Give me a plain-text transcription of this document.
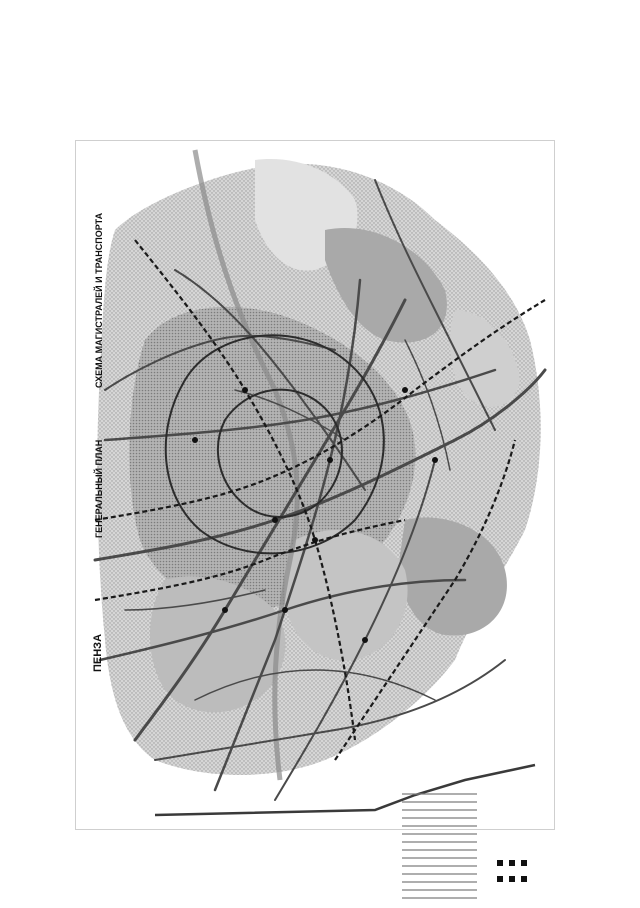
ПЕНЗА
ГЕНЕРАЛЬНЫЙ ПЛАН
СХЕМА МАГИСТРАЛЕЙ И ТРАНСПОРТА
